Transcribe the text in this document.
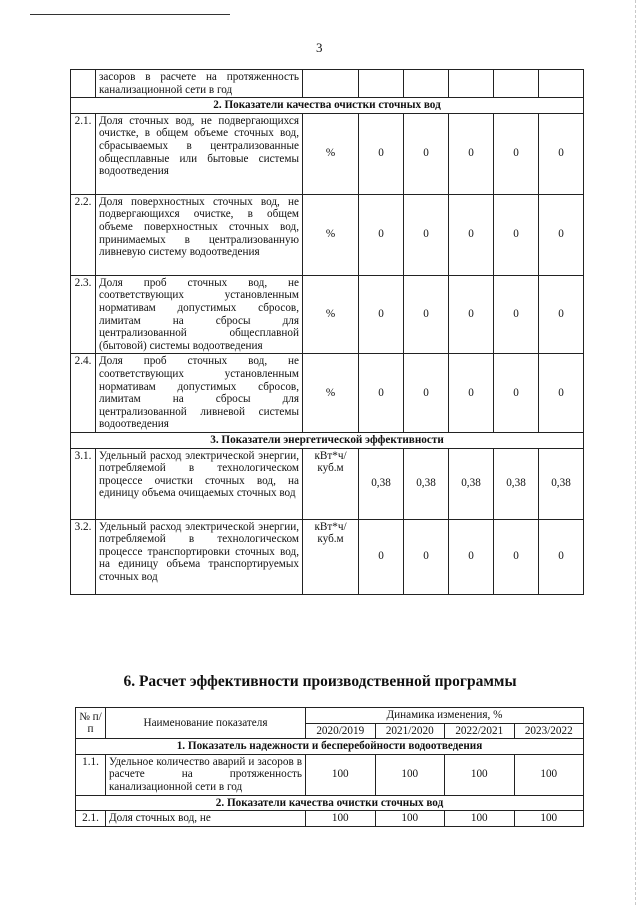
3
	засоров в расчете на протяженность канализационной сети в год						
2. Показатели качества очистки сточных вод							
2.1.	Доля сточных вод, не подвергающихся очистке, в общем объеме сточных вод, сбрасываемых в централизованные общесплавные или бытовые системы водоотведения	%	0	0	0	0	0
2.2.	Доля поверхностных сточных вод, не подвергающихся очистке, в общем объеме поверхностных сточных вод, принимаемых в централизованную ливневую систему водоотведения	%	0	0	0	0	0
2.3.	Доля проб сточных вод, не соответствующих установленным нормативам допустимых сбросов, лимитам на сбросы для централизованной общесплавной (бытовой) системы водоотведения	%	0	0	0	0	0
2.4.	Доля проб сточных вод, не соответствующих установленным нормативам допустимых сбросов, лимитам на сбросы для централизованной ливневой системы водоотведения	%	0	0	0	0	0
3. Показатели энергетической эффективности							
3.1.	Удельный расход электрической энергии, потребляемой в технологическом процессе очистки сточных вод, на единицу объема очищаемых сточных вод	кВт*ч/куб.м	0,38	0,38	0,38	0,38	0,38
3.2.	Удельный расход электрической энергии, потребляемой в технологическом процессе транспортировки сточных вод, на единицу объема транспортируемых сточных вод	кВт*ч/куб.м	0	0	0	0	0
6. Расчет эффективности производственной программы
№ п/п	Наименование показателя	Динамика изменения, %			
		2020/2019	2021/2020	2022/2021	2023/2022
1. Показатель надежности и бесперебойности водоотведения					
1.1.	Удельное количество аварий и засоров в расчете на протяженность канализационной сети в год	100	100	100	100
2. Показатели качества очистки сточных вод					
2.1.	Доля сточных вод, не	100	100	100	100
